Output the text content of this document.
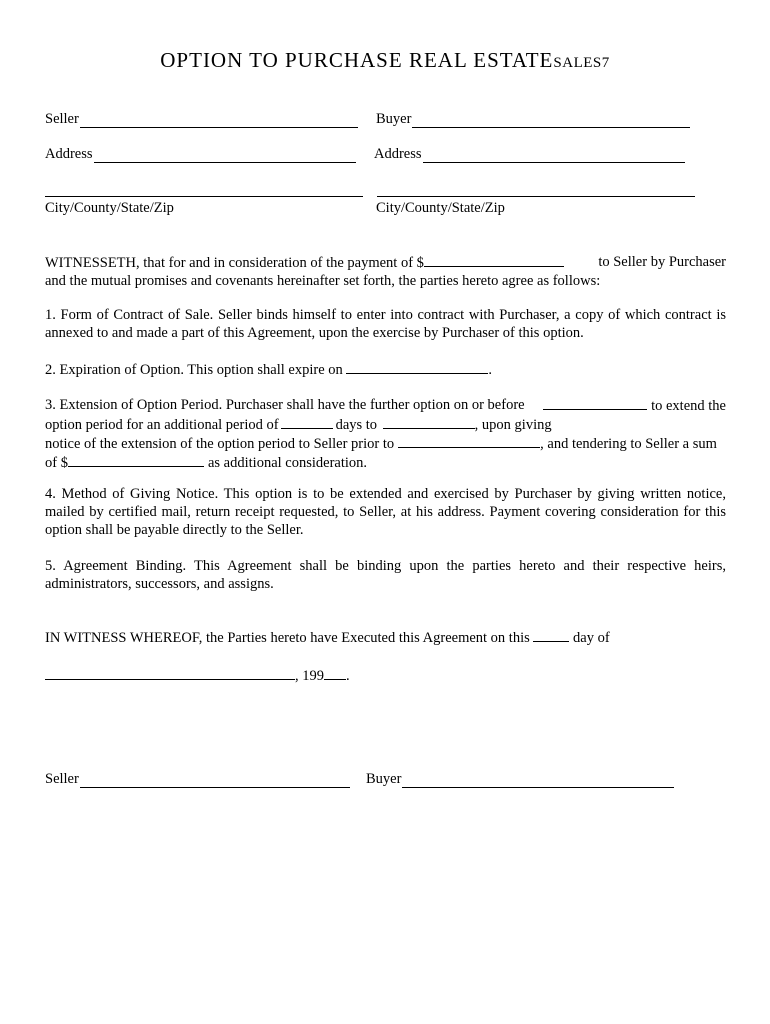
OPTION TO PURCHASE REAL ESTATESALES7
Seller	Buyer
Address	Address
City/County/State/Zip	City/County/State/Zip
WITNESSETH, that for and in consideration of the payment of $	to Seller by Purchaser
and the mutual promises and covenants hereinafter set forth, the parties hereto agree as follows:
1. Form of Contract of Sale. Seller binds himself to enter into contract with Purchaser, a copy of which contract is
annexed to and made a part of this Agreement, upon the exercise by Purchaser of this option.
2. Expiration of Option. This option shall expire on	.
3. Extension of Option Period. Purchaser shall have the further option on or before	to extend the
option period for an additional period of	days to	, upon giving
notice of the extension of the option period to Seller prior to	, and tendering to Seller a sum
of $	as additional consideration.
4. Method of Giving Notice. This option is to be extended and exercised by Purchaser by giving written notice,
mailed by certified mail, return receipt requested, to Seller, at his address. Payment covering consideration for this
option shall be payable directly to the Seller.
5. Agreement Binding. This Agreement shall be binding upon the parties hereto and their respective heirs,
administrators, successors, and assigns.
IN WITNESS WHEREOF, the Parties hereto have Executed this Agreement on this	day of
, 199 .
Seller	Buyer
